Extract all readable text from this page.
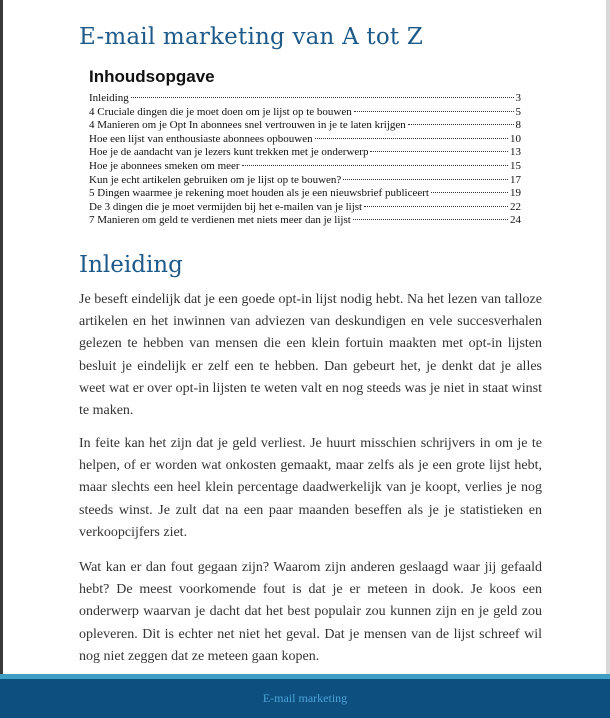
E-mail marketing van A tot Z
Inhoudsopgave
Inleiding	3
4 Cruciale dingen die je moet doen om je lijst op te bouwen	5
4 Manieren om je Opt In abonnees snel vertrouwen in je te laten krijgen	8
Hoe een lijst van enthousiaste abonnees opbouwen	10
Hoe je de aandacht van je lezers kunt trekken met je onderwerp	13
Hoe je abonnees smeken om meer	15
Kun je echt artikelen gebruiken om je lijst op te bouwen?	17
5 Dingen waarmee je rekening moet houden als je een nieuwsbrief publiceert	19
De 3 dingen die je moet vermijden bij het e-mailen van je lijst	22
7 Manieren om geld te verdienen met niets meer dan je lijst	24
Inleiding

Je beseft eindelijk dat je een goede opt-in lijst nodig hebt. Na het lezen van talloze artikelen en het inwinnen van adviezen van deskundigen en vele succesverhalen gelezen te hebben van mensen die een klein fortuin maakten met opt-in lijsten besluit je eindelijk er zelf een te hebben. Dan gebeurt het, je denkt dat je alles weet wat er over opt-in lijsten te weten valt en nog steeds was je niet in staat winst te maken.

In feite kan het zijn dat je geld verliest. Je huurt misschien schrijvers in om je te helpen, of er worden wat onkosten gemaakt, maar zelfs als je een grote lijst hebt, maar slechts een heel klein percentage daadwerkelijk van je koopt, verlies je nog steeds winst. Je zult dat na een paar maanden beseffen als je je statistieken en verkoopcijfers ziet.

Wat kan er dan fout gegaan zijn? Waarom zijn anderen geslaagd waar jij gefaald hebt? De meest voorkomende fout is dat je er meteen in dook. Je koos een onderwerp waarvan je dacht dat het best populair zou kunnen zijn en je geld zou opleveren. Dit is echter net niet het geval. Dat je mensen van de lijst schreef wil nog niet zeggen dat ze meteen gaan kopen.

E-mail marketing
